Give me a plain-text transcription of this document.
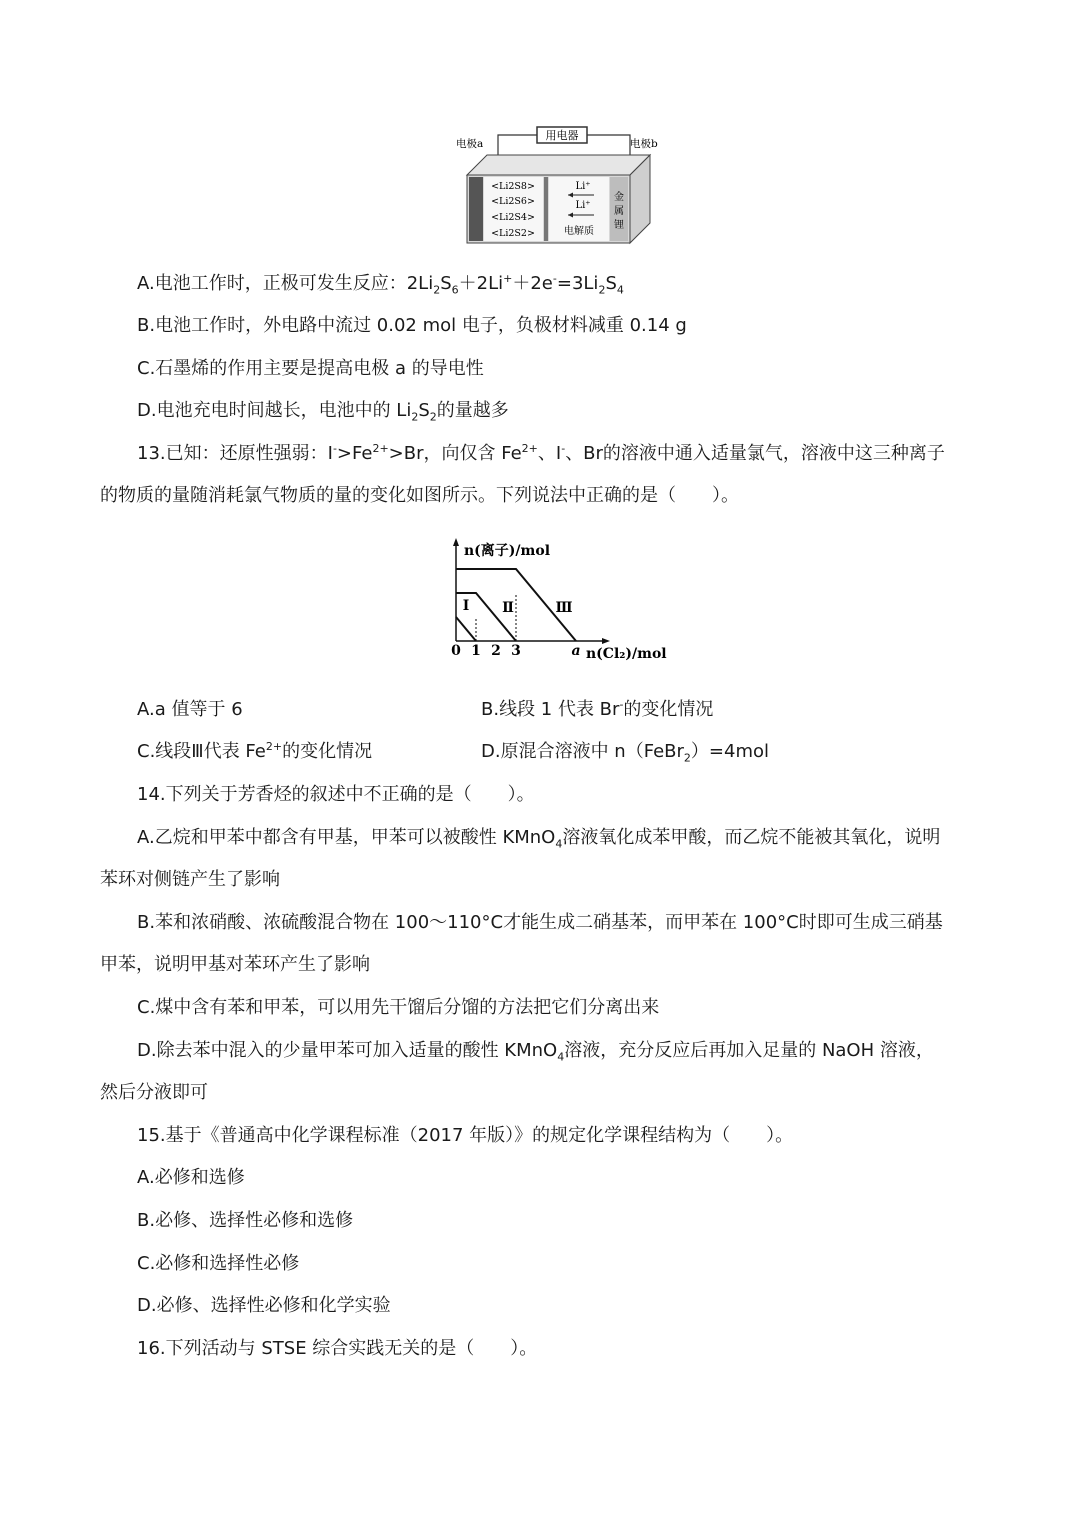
用电器
电极a	电极b
<Li2S8>
<Li2S6>
<Li2S4>
<Li2S2>
Li⁺
Li⁺
电解质
金
属
锂
A.电池工作时，正极可发生反应：$2Li_2S_6+2Li^++2e^-=3Li_2S_4$
B.电池工作时，外电路中流过 0.02 mol 电子，负极材料减重 0.14 g
C.石墨烯的作用主要是提高电极 a 的导电性
D.电池充电时间越长，电池中的 $Li_2S_2$的量越多
13.已知：还原性强弱：$I^->Fe^{2+}>Br$，向仅含 $Fe^{2+}$、I-、Br的溶液中通入适量氯气，溶液中这三种离子
的物质的量随消耗氯气物质的量的变化如图所示。下列说法中正确的是（　　）。
n(离子)/mol
n(Cl₂)/mol
0 1 2 3	a
Ⅰ Ⅱ	Ⅲ
A.a 值等于 6	B.线段 1 代表 Br-的变化情况
C.线段Ⅲ代表 $Fe^{2+}$的变化情况	D.原混合溶液中 n（FeBr$_2$）=4mol
14.下列关于芳香烃的叙述中不正确的是（　　）。
A.乙烷和甲苯中都含有甲基，甲苯可以被酸性 KMnO$_4$溶液氧化成苯甲酸，而乙烷不能被其氧化，说明
苯环对侧链产生了影响
B.苯和浓硝酸、浓硫酸混合物在 100～110°C才能生成二硝基苯，而甲苯在 100°C时即可生成三硝基
甲苯，说明甲基对苯环产生了影响
C.煤中含有苯和甲苯，可以用先干馏后分馏的方法把它们分离出来
D.除去苯中混入的少量甲苯可加入适量的酸性 KMnO$_4$溶液，充分反应后再加入足量的 NaOH 溶液，
然后分液即可
15.基于《普通高中化学课程标准（2017 年版）》的规定化学课程结构为（　　）。
A.必修和选修
B.必修、选择性必修和选修
C.必修和选择性必修
D.必修、选择性必修和化学实验
16.下列活动与 STSE 综合实践无关的是（　　）。
